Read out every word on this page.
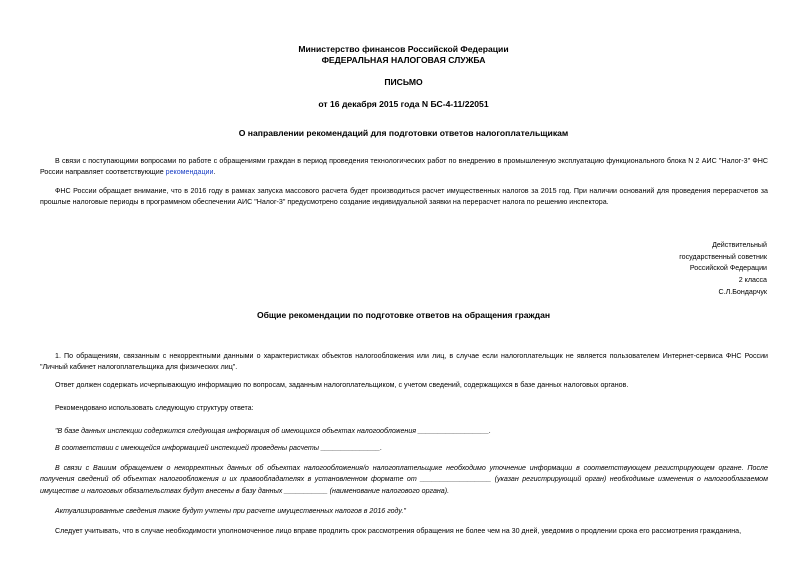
Министерство финансов Российской Федерации
ФЕДЕРАЛЬНАЯ НАЛОГОВАЯ СЛУЖБА
ПИСЬМО
от 16 декабря 2015 года N БС-4-11/22051
О направлении рекомендаций для подготовки ответов налогоплательщикам
В связи с поступающими вопросами по работе с обращениями граждан в период проведения технологических работ по внедрению в промышленную эксплуатацию функционального блока N 2 АИС "Налог-3" ФНС России направляет соответствующие рекомендации.
ФНС России обращает внимание, что в 2016 году в рамках запуска массового расчета будет производиться расчет имущественных налогов за 2015 год. При наличии оснований для проведения перерасчетов за прошлые налоговые периоды в программном обеспечении АИС "Налог-3" предусмотрено создание индивидуальной заявки на перерасчет налога по решению инспектора.
Действительный
государственный советник
Российской Федерации
2 класса
С.Л.Бондарчук
Общие рекомендации по подготовке ответов на обращения граждан
1. По обращениям, связанным с некорректными данными о характеристиках объектов налогообложения или лиц, в случае если налогоплательщик не является пользователем Интернет-сервиса ФНС России "Личный кабинет налогоплательщика для физических лиц".
Ответ должен содержать исчерпывающую информацию по вопросам, заданным налогоплательщиком, с учетом сведений, содержащихся в базе данных налоговых органов.
Рекомендовано использовать следующую структуру ответа:
"В базе данных инспекции содержится следующая информация об имеющихся объектах налогообложения __________________.
В соответствии с имеющейся информацией инспекцией проведены расчеты _______________.
В связи с Вашим обращением о некорректных данных об объектах налогообложения/о налогоплательщике необходимо уточнение информации в соответствующем регистрирующем органе. После получения сведений об объектах налогообложения и их правообладателях в установленном формате от __________________ (указан регистрирующий орган) необходимые изменения о налогооблагаемом имуществе и налоговых обязательствах будут внесены в базу данных ___________ (наименование налогового органа).
Актуализированные сведения также будут учтены при расчете имущественных налогов в 2016 году."
Следует учитывать, что в случае необходимости уполномоченное лицо вправе продлить срок рассмотрения обращения не более чем на 30 дней, уведомив о продлении срока его рассмотрения гражданина,
